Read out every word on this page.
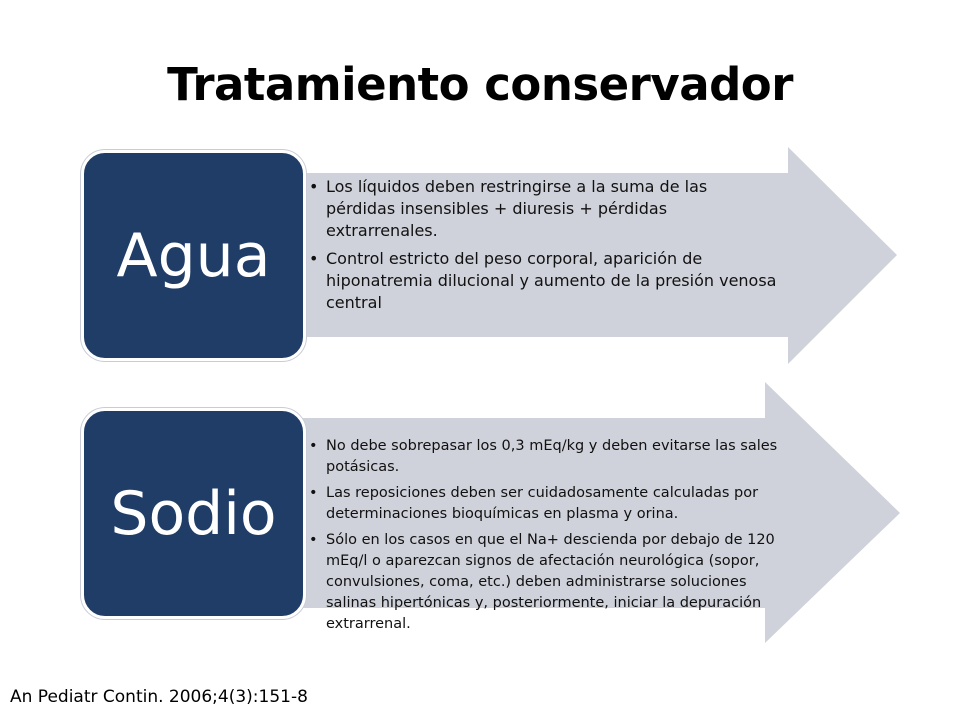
Tratamiento conservador
Agua
• Los líquidos deben restringirse a la suma de las pérdidas insensibles + diuresis + pérdidas extrarrenales.
• Control estricto del peso corporal, aparición de hiponatremia dilucional y aumento de la presión venosa central
Sodio
• No debe sobrepasar los 0,3 mEq/kg y deben evitarse las sales potásicas.
• Las reposiciones deben ser cuidadosamente calculadas por determinaciones bioquímicas en plasma y orina.
• Sólo en los casos en que el Na+ descienda por debajo de 120 mEq/l o aparezcan signos de afectación neurológica (sopor, convulsiones, coma, etc.) deben administrarse soluciones salinas hipertónicas y, posteriormente, iniciar la depuración extrarrenal.
An Pediatr Contin. 2006;4(3):151-8
